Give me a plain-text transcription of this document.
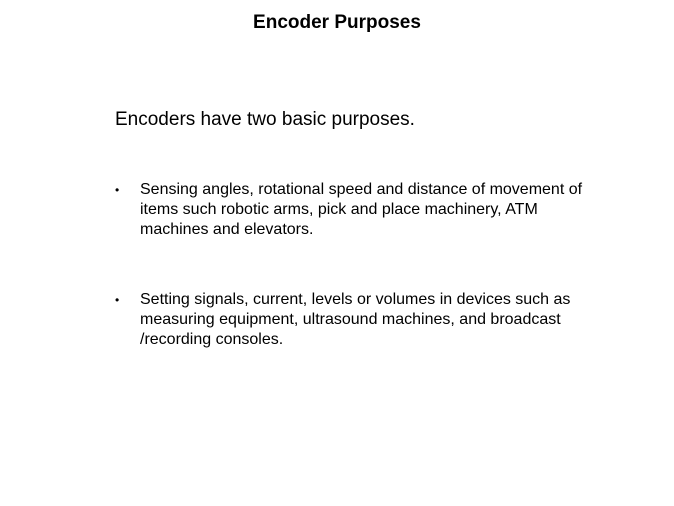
Encoder Purposes
Encoders have two basic purposes.
• Sensing angles, rotational speed and distance of movement of items such robotic arms, pick and place machinery, ATM machines and elevators.
• Setting signals, current, levels or volumes in devices such as measuring equipment, ultrasound machines, and broadcast /recording consoles.
